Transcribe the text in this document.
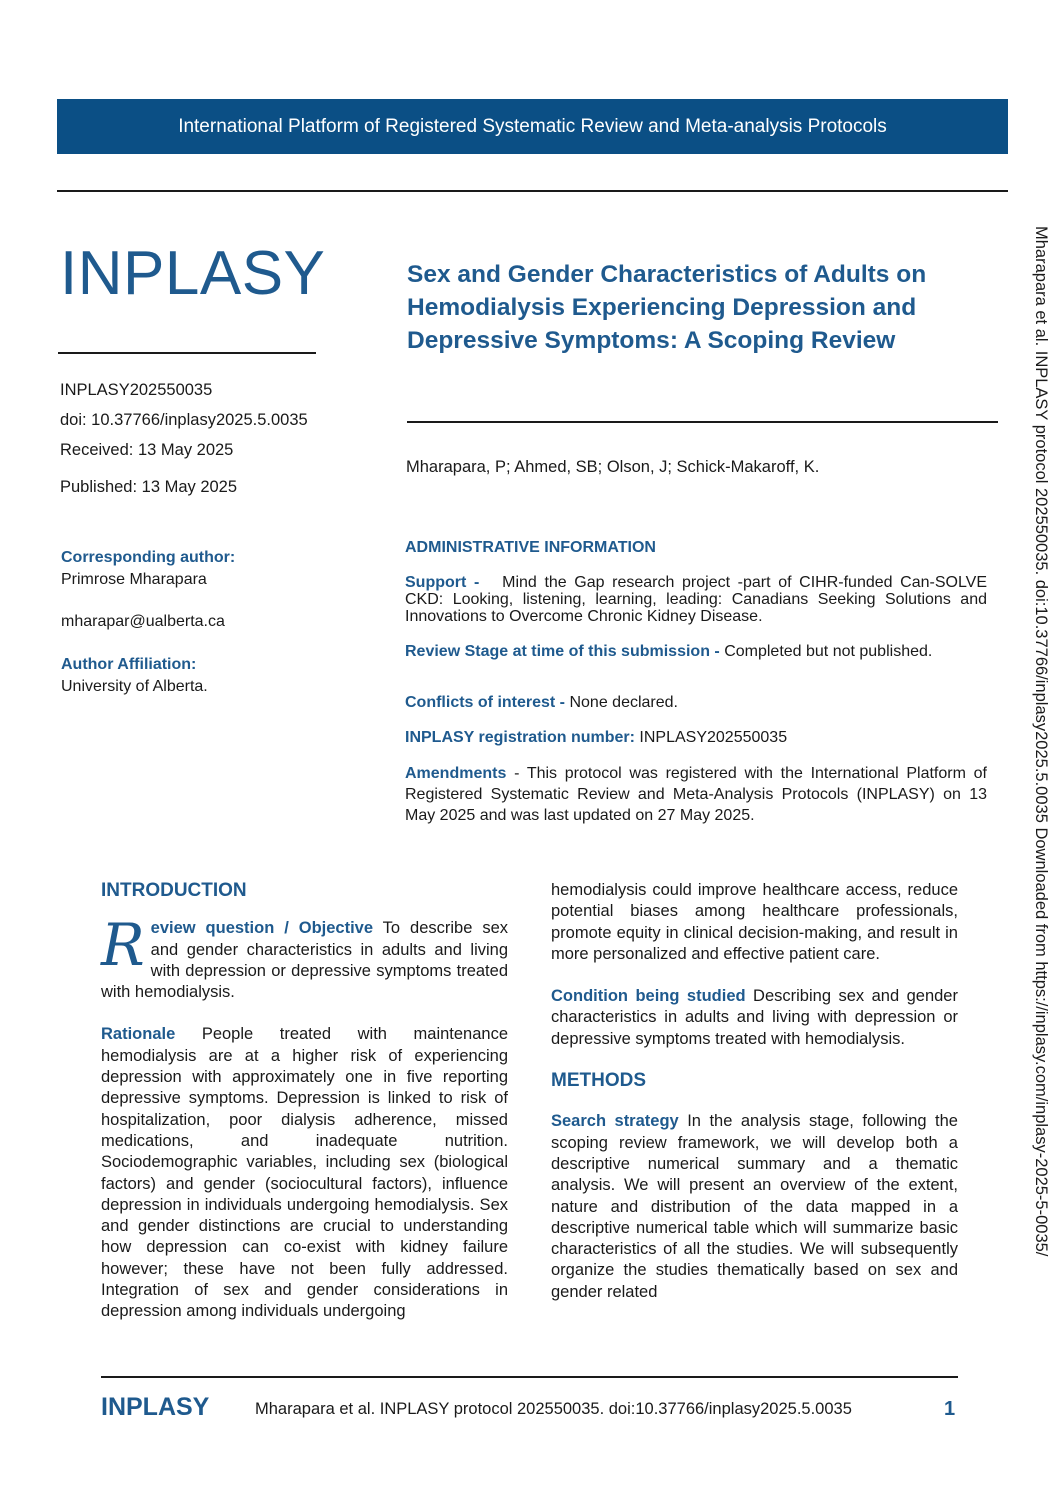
International Platform of Registered Systematic Review and Meta-analysis Protocols
INPLASY	Sex and Gender Characteristics of Adults on Hemodialysis Experiencing Depression and Depressive Symptoms: A Scoping Review
INPLASY202550035
doi: 10.37766/inplasy2025.5.0035
Received: 13 May 2025
Published: 13 May 2025
Mharapara, P; Ahmed, SB; Olson, J; Schick-Makaroff, K.
Corresponding author:
Primrose Mharapara
mharapar@ualberta.ca
Author Affiliation:
University of Alberta.
ADMINISTRATIVE INFORMATION
Support - Mind the Gap research project -part of CIHR-funded Can-SOLVE CKD: Looking, listening, learning, leading: Canadians Seeking Solutions and Innovations to Overcome Chronic Kidney Disease.
Review Stage at time of this submission - Completed but not published.
Conflicts of interest - None declared.
INPLASY registration number: INPLASY202550035
Amendments - This protocol was registered with the International Platform of Registered Systematic Review and Meta-Analysis Protocols (INPLASY) on 13 May 2025 and was last updated on 27 May 2025.
INTRODUCTION

R eview question / Objective To describe sex and gender characteristics in adults and living with depression or depressive symptoms treated with hemodialysis.

Rationale People treated with maintenance hemodialysis are at a higher risk of experiencing depression with approximately one in five reporting depressive symptoms. Depression is linked to risk of hospitalization, poor dialysis adherence, missed medications, and inadequate nutrition. Sociodemographic variables, including sex (biological factors) and gender (sociocultural factors), influence depression in individuals undergoing hemodialysis. Sex and gender distinctions are crucial to understanding how depression can co-exist with kidney failure however; these have not been fully addressed. Integration of sex and gender considerations in depression among individuals undergoing

hemodialysis could improve healthcare access, reduce potential biases among healthcare professionals, promote equity in clinical decision-making, and result in more personalized and effective patient care.

Condition being studied Describing sex and gender characteristics in adults and living with depression or depressive symptoms treated with hemodialysis.

METHODS

Search strategy In the analysis stage, following the scoping review framework, we will develop both a descriptive numerical summary and a thematic analysis. We will present an overview of the extent, nature and distribution of the data mapped in a descriptive numerical table which will summarize basic characteristics of all the studies. We will subsequently organize the studies thematically based on sex and gender related

Mharapara et al. INPLASY protocol 202550035. doi:10.37766/inplasy2025.5.0035 Downloaded from https://inplasy.com/inplasy-2025-5-0035/
INPLASY	Mharapara et al. INPLASY protocol 202550035. doi:10.37766/inplasy2025.5.0035	1
